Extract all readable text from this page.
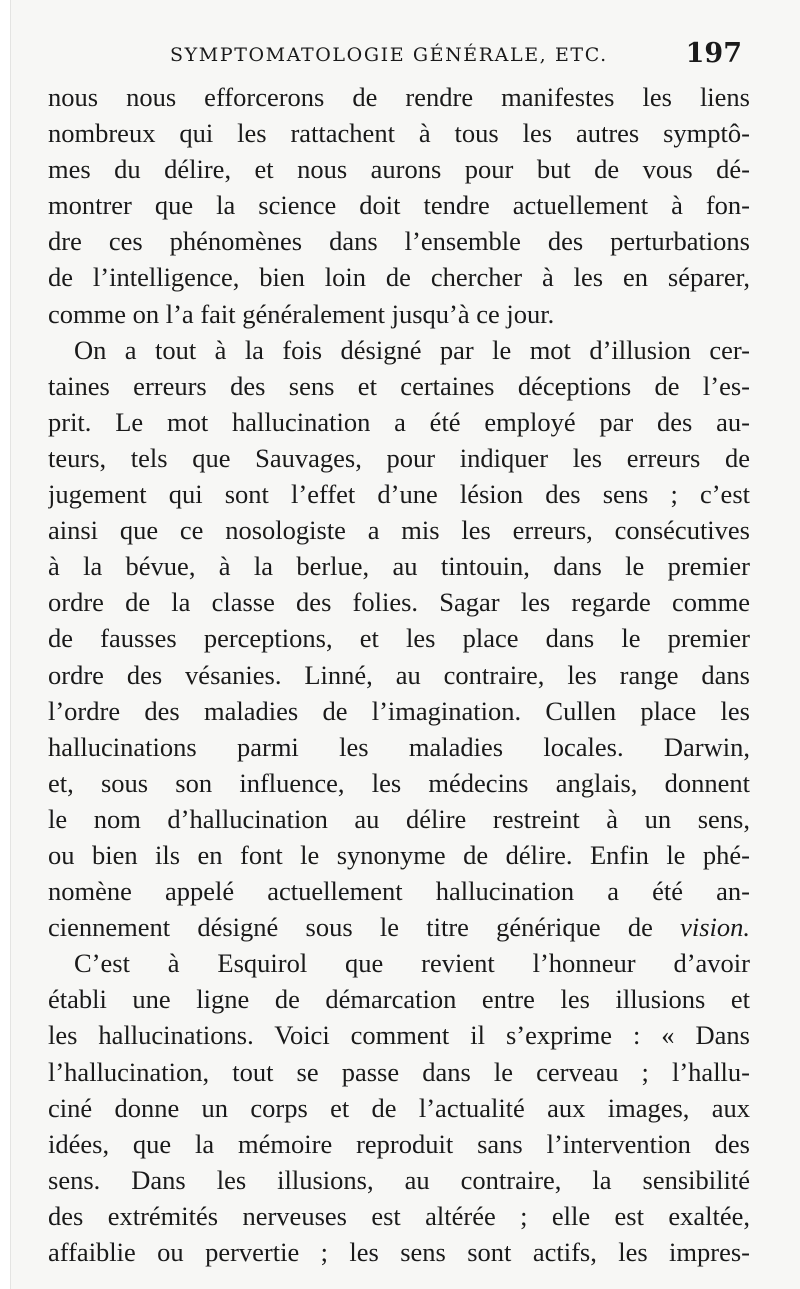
SYMPTOMATOLOGIE GÉNÉRALE, ETC.	197
nous nous efforcerons de rendre manifestes les liens
nombreux qui les rattachent à tous les autres symptô-
mes du délire, et nous aurons pour but de vous dé-
montrer que la science doit tendre actuellement à fon-
dre ces phénomènes dans l’ensemble des perturbations
de l’intelligence, bien loin de chercher à les en séparer,
comme on l’a fait généralement jusqu’à ce jour.
On a tout à la fois désigné par le mot d’illusion cer-
taines erreurs des sens et certaines déceptions de l’es-
prit. Le mot hallucination a été employé par des au-
teurs, tels que Sauvages, pour indiquer les erreurs de
jugement qui sont l’effet d’une lésion des sens ; c’est
ainsi que ce nosologiste a mis les erreurs, consécutives
à la bévue, à la berlue, au tintouin, dans le premier
ordre de la classe des folies. Sagar les regarde comme
de fausses perceptions, et les place dans le premier
ordre des vésanies. Linné, au contraire, les range dans
l’ordre des maladies de l’imagination. Cullen place les
hallucinations parmi les maladies locales. Darwin,
et, sous son influence, les médecins anglais, donnent
le nom d’hallucination au délire restreint à un sens,
ou bien ils en font le synonyme de délire. Enfin le phé-
nomène appelé actuellement hallucination a été an-
ciennement désigné sous le titre générique de vision.
C’est à Esquirol que revient l’honneur d’avoir
établi une ligne de démarcation entre les illusions et
les hallucinations. Voici comment il s’exprime : « Dans
l’hallucination, tout se passe dans le cerveau ; l’hallu-
ciné donne un corps et de l’actualité aux images, aux
idées, que la mémoire reproduit sans l’intervention des
sens. Dans les illusions, au contraire, la sensibilité
des extrémités nerveuses est altérée ; elle est exaltée,
affaiblie ou pervertie ; les sens sont actifs, les impres-
